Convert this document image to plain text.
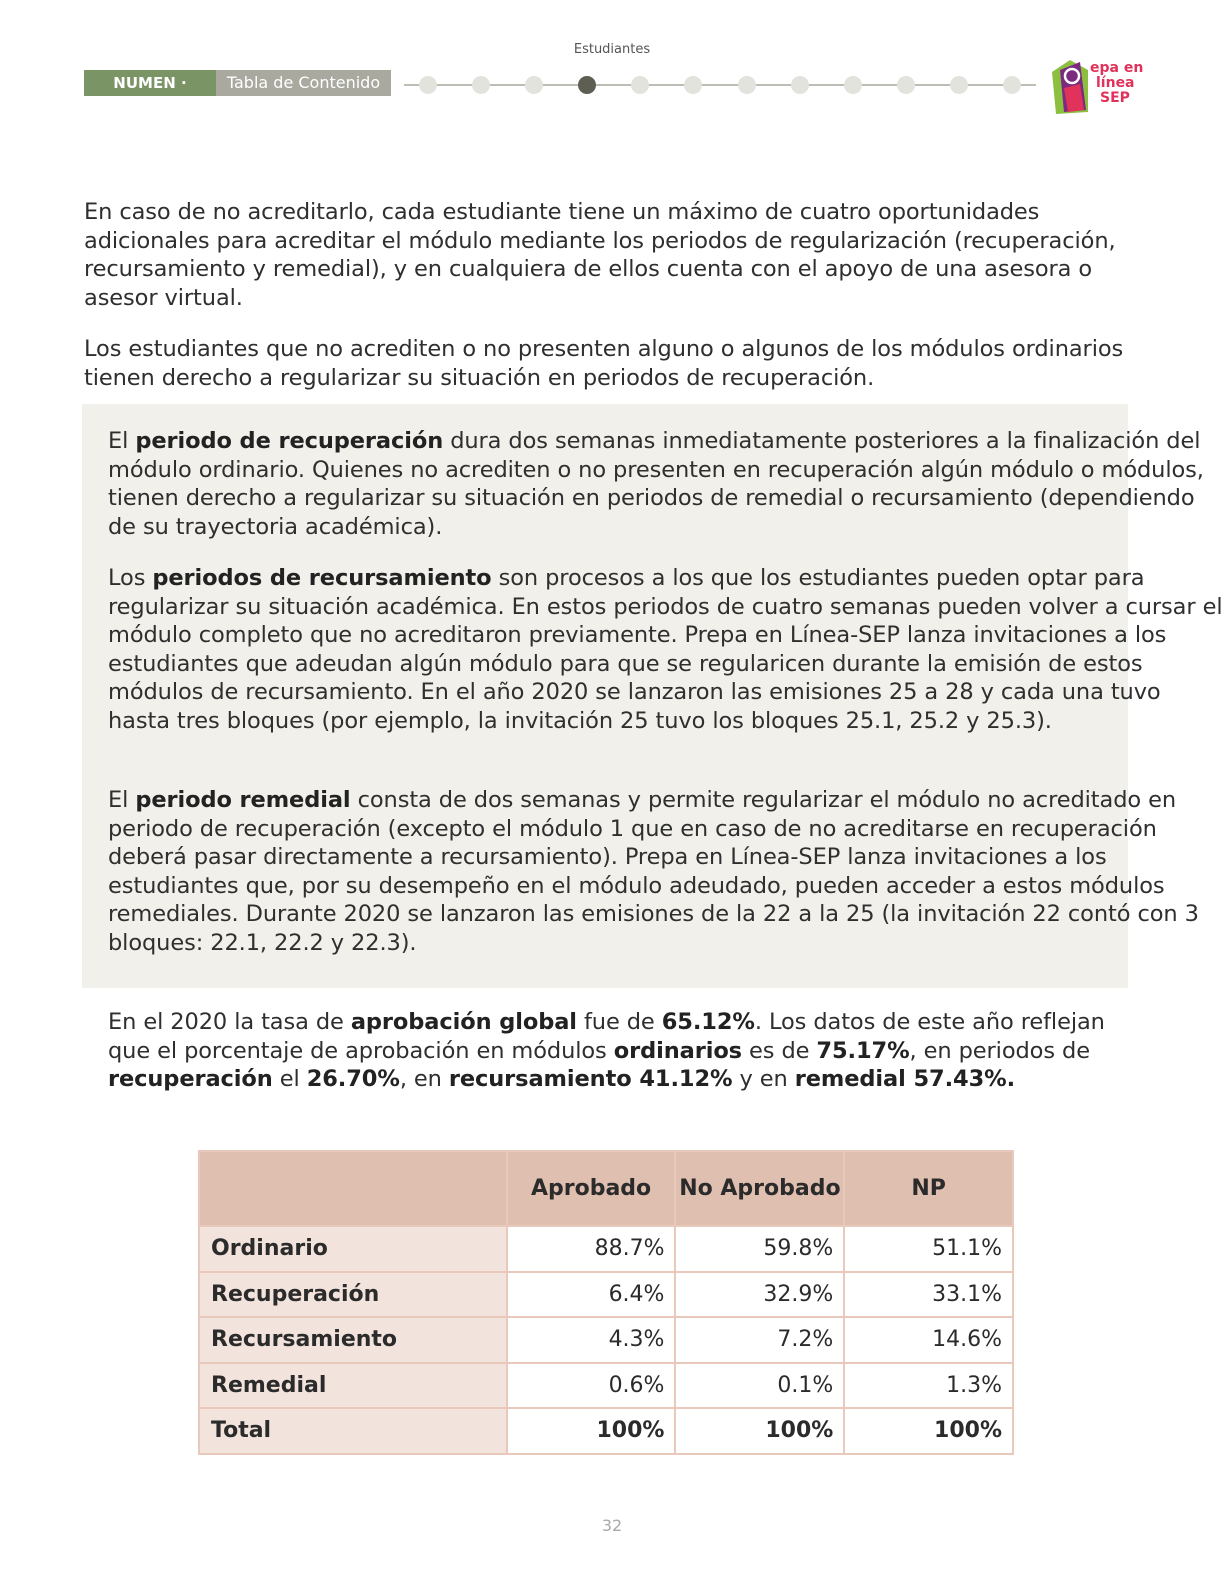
Estudiantes
NUMEN · 2020
Tabla de Contenido
epa en
línea
SEP

En caso de no acreditarlo, cada estudiante tiene un máximo de cuatro oportunidades adicionales para acreditar el módulo mediante los periodos de regularización (recuperación, recursamiento y remedial), y en cualquiera de ellos cuenta con el apoyo de una asesora o asesor virtual.

Los estudiantes que no acrediten o no presenten alguno o algunos de los módulos ordinarios tienen derecho a regularizar su situación en periodos de recuperación.

El periodo de recuperación dura dos semanas inmediatamente posteriores a la finalización del módulo ordinario. Quienes no acrediten o no presenten en recuperación algún módulo o módulos, tienen derecho a regularizar su situación en periodos de remedial o recursamiento (dependiendo de su trayectoria académica).

Los periodos de recursamiento son procesos a los que los estudiantes pueden optar para regularizar su situación académica. En estos periodos de cuatro semanas pueden volver a cursar el módulo completo que no acreditaron previamente. Prepa en Línea-SEP lanza invitaciones a los estudiantes que adeudan algún módulo para que se regularicen durante la emisión de estos módulos de recursamiento. En el año 2020 se lanzaron las emisiones 25 a 28 y cada una tuvo hasta tres bloques (por ejemplo, la invitación 25 tuvo los bloques 25.1, 25.2 y 25.3).

El periodo remedial consta de dos semanas y permite regularizar el módulo no acreditado en periodo de recuperación (excepto el módulo 1 que en caso de no acreditarse en recuperación deberá pasar directamente a recursamiento). Prepa en Línea-SEP lanza invitaciones a los estudiantes que, por su desempeño en el módulo adeudado, pueden acceder a estos módulos remediales. Durante 2020 se lanzaron las emisiones de la 22 a la 25 (la invitación 22 contó con 3 bloques: 22.1, 22.2 y 22.3).

En el 2020 la tasa de aprobación global fue de 65.12%. Los datos de este año reflejan que el porcentaje de aprobación en módulos ordinarios es de 75.17%, en periodos de recuperación el 26.70%, en recursamiento 41.12% y en remedial 57.43%.

	Aprobado	No Aprobado	NP
Ordinario	88.7%	59.8%	51.1%
Recuperación	6.4%	32.9%	33.1%
Recursamiento	4.3%	7.2%	14.6%
Remedial	0.6%	0.1%	1.3%
Total	100%	100%	100%
32
